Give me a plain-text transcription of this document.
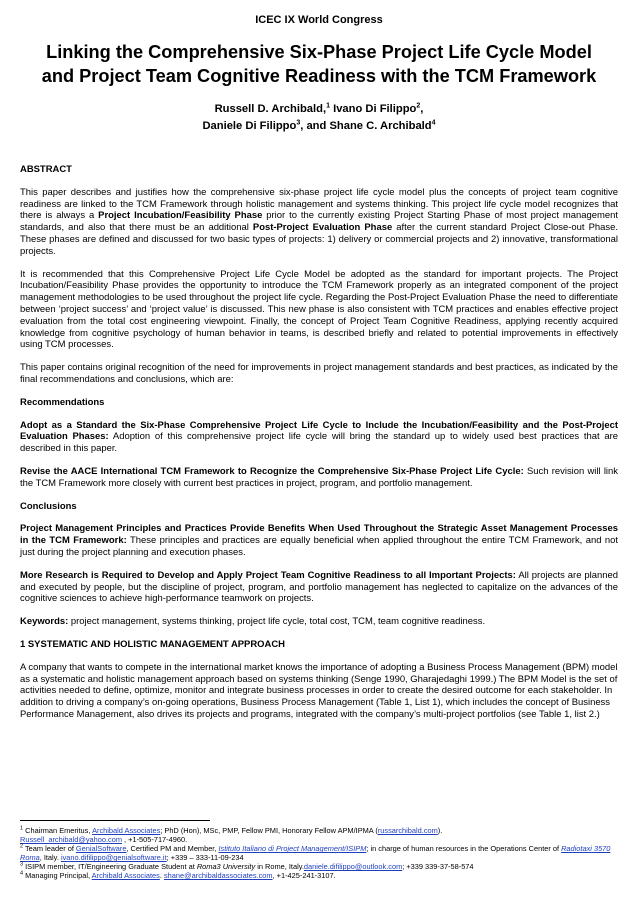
ICEC IX World Congress
Linking the Comprehensive Six-Phase Project Life Cycle Model
and Project Team Cognitive Readiness with the TCM Framework
Russell D. Archibald,$^1$ Ivano Di Filippo$^2$,
Daniele Di Filippo$^3$, and Shane C. Archibald$^4$
ABSTRACT

This paper describes and justifies how the comprehensive six-phase project life cycle model plus the concepts of project team cognitive readiness are linked to the TCM Framework through holistic management and systems thinking. This project life cycle model recognizes that there is always a Project Incubation/Feasibility Phase prior to the currently existing Project Starting Phase of most project management standards, and also that there must be an additional Post-Project Evaluation Phase after the current standard Project Close-out Phase. These phases are defined and discussed for two basic types of projects: 1) delivery or commercial projects and 2) innovative, transformational projects.

It is recommended that this Comprehensive Project Life Cycle Model be adopted as the standard for important projects. The Project Incubation/Feasibility Phase provides the opportunity to introduce the TCM Framework properly as an integrated component of the project management methodologies to be used throughout the project life cycle. Regarding the Post-Project Evaluation Phase the need to differentiate between ‘project success’ and ‘project value’ is discussed. This new phase is also consistent with TCM practices and enables effective project evaluation from the total cost engineering viewpoint. Finally, the concept of Project Team Cognitive Readiness, applying recently acquired knowledge from cognitive psychology of human behavior in teams, is described briefly and related to potential improvements in effectively using TCM processes.

This paper contains original recognition of the need for improvements in project management standards and best practices, as indicated by the final recommendations and conclusions, which are:

Recommendations

Adopt as a Standard the Six-Phase Comprehensive Project Life Cycle to Include the Incubation/Feasibility and the Post-Project Evaluation Phases: Adoption of this comprehensive project life cycle will bring the standard up to widely used best practices that are described in this paper.

Revise the AACE International TCM Framework to Recognize the Comprehensive Six-Phase Project Life Cycle: Such revision will link the TCM Framework more closely with current best practices in project, program, and portfolio management.

Conclusions

Project Management Principles and Practices Provide Benefits When Used Throughout the Strategic Asset Management Processes in the TCM Framework: These principles and practices are equally beneficial when applied throughout the entire TCM Framework, and not just during the project planning and execution phases.

More Research is Required to Develop and Apply Project Team Cognitive Readiness to all Important Projects: All projects are planned and executed by people, but the discipline of project, program, and portfolio management has neglected to capitalize on the advances of the cognitive sciences to achieve high-performance teamwork on projects.

Keywords: project management, systems thinking, project life cycle, total cost, TCM, team cognitive readiness.

1 SYSTEMATIC AND HOLISTIC MANAGEMENT APPROACH

A company that wants to compete in the international market knows the importance of adopting a Business Process Management (BPM) model as a systematic and holistic management approach based on systems thinking (Senge 1990, Gharajedaghi 1999.) The BPM Model is the set of activities needed to define, optimize, monitor and integrate business processes in order to create the desired outcome for each stakeholder. In addition to driving a company’s on-going operations, Business Process Management (Table 1, List 1), which includes the concept of Business Performance Management, also drives its projects and programs, integrated with the company’s multi-project portfolios (see Table 1, list 2.)

$^1$ Chairman Emeritus, Archibald Associates; PhD (Hon), MSc, PMP, Fellow PMI, Honorary Fellow APM/IPMA (russarchibald.com).
Russell_archibald@yahoo.com , +1-505-717-4960.
$^2$ Team leader of GenialSoftware, Certified PM and Member, Istituto Italiano di Project Management/ISIPM; in charge of human resources in the Operations Center of Radiotaxi 3570 Roma, Italy. ivano.difilippo@genialsoftware.it; +339 – 333-11-09-234
$^3$ ISIPM member, IT/Engineering Graduate Student at Roma3 University in Rome, Italy.daniele.difilippo@outlook.com; +339 339-37-58-574
$^4$ Managing Principal, Archibald Associates. shane@archibaldassociates.com, +1-425-241-3107.
